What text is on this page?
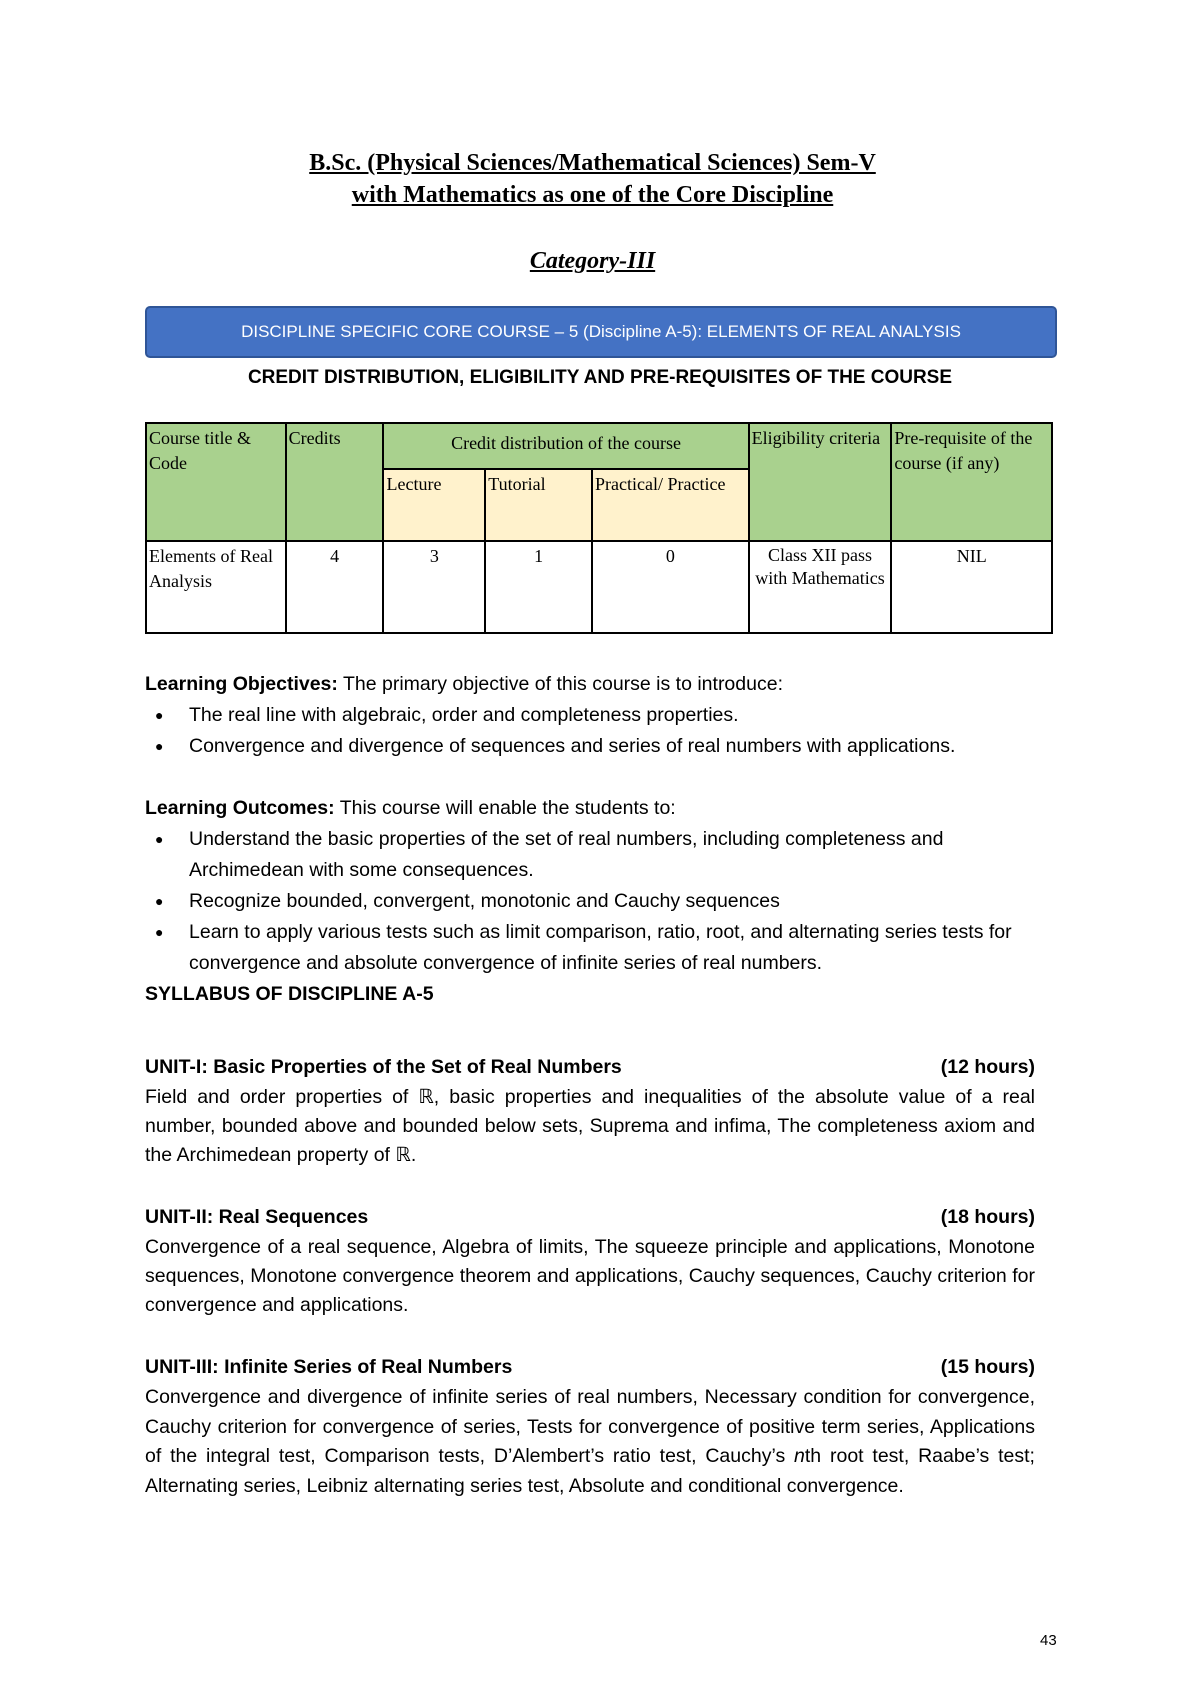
B.Sc. (Physical Sciences/Mathematical Sciences) Sem-V
with Mathematics as one of the Core Discipline
Category-III
DISCIPLINE SPECIFIC CORE COURSE – 5 (Discipline A-5): ELEMENTS OF REAL ANALYSIS
CREDIT DISTRIBUTION, ELIGIBILITY AND PRE-REQUISITES OF THE COURSE
Course title & Code	Credits	Credit distribution of the course			Eligibility criteria	Pre-requisite of the course (if any)
		Lecture	Tutorial	Practical/ Practice		
Elements of Real Analysis	4	3	1	0	Class XII pass with Mathematics	NIL

Learning Objectives: The primary objective of this course is to introduce:

● The real line with algebraic, order and completeness properties.
● Convergence and divergence of sequences and series of real numbers with applications.

Learning Outcomes: This course will enable the students to:

● Understand the basic properties of the set of real numbers, including completeness and Archimedean with some consequences.
● Recognize bounded, convergent, monotonic and Cauchy sequences
● Learn to apply various tests such as limit comparison, ratio, root, and alternating series tests for convergence and absolute convergence of infinite series of real numbers.

SYLLABUS OF DISCIPLINE A-5

UNIT-I: Basic Properties of the Set of Real Numbers	(12 hours)

Field and order properties of ℝ, basic properties and inequalities of the absolute value of a real number, bounded above and bounded below sets, Suprema and infima, The completeness axiom and the Archimedean property of ℝ.

UNIT-II: Real Sequences	(18 hours)

Convergence of a real sequence, Algebra of limits, The squeeze principle and applications, Monotone sequences, Monotone convergence theorem and applications, Cauchy sequences, Cauchy criterion for convergence and applications.

UNIT-III: Infinite Series of Real Numbers	(15 hours)

Convergence and divergence of infinite series of real numbers, Necessary condition for convergence, Cauchy criterion for convergence of series, Tests for convergence of positive term series, Applications of the integral test, Comparison tests, D’Alembert’s ratio test, Cauchy’s nth root test, Raabe’s test; Alternating series, Leibniz alternating series test, Absolute and conditional convergence.

43
